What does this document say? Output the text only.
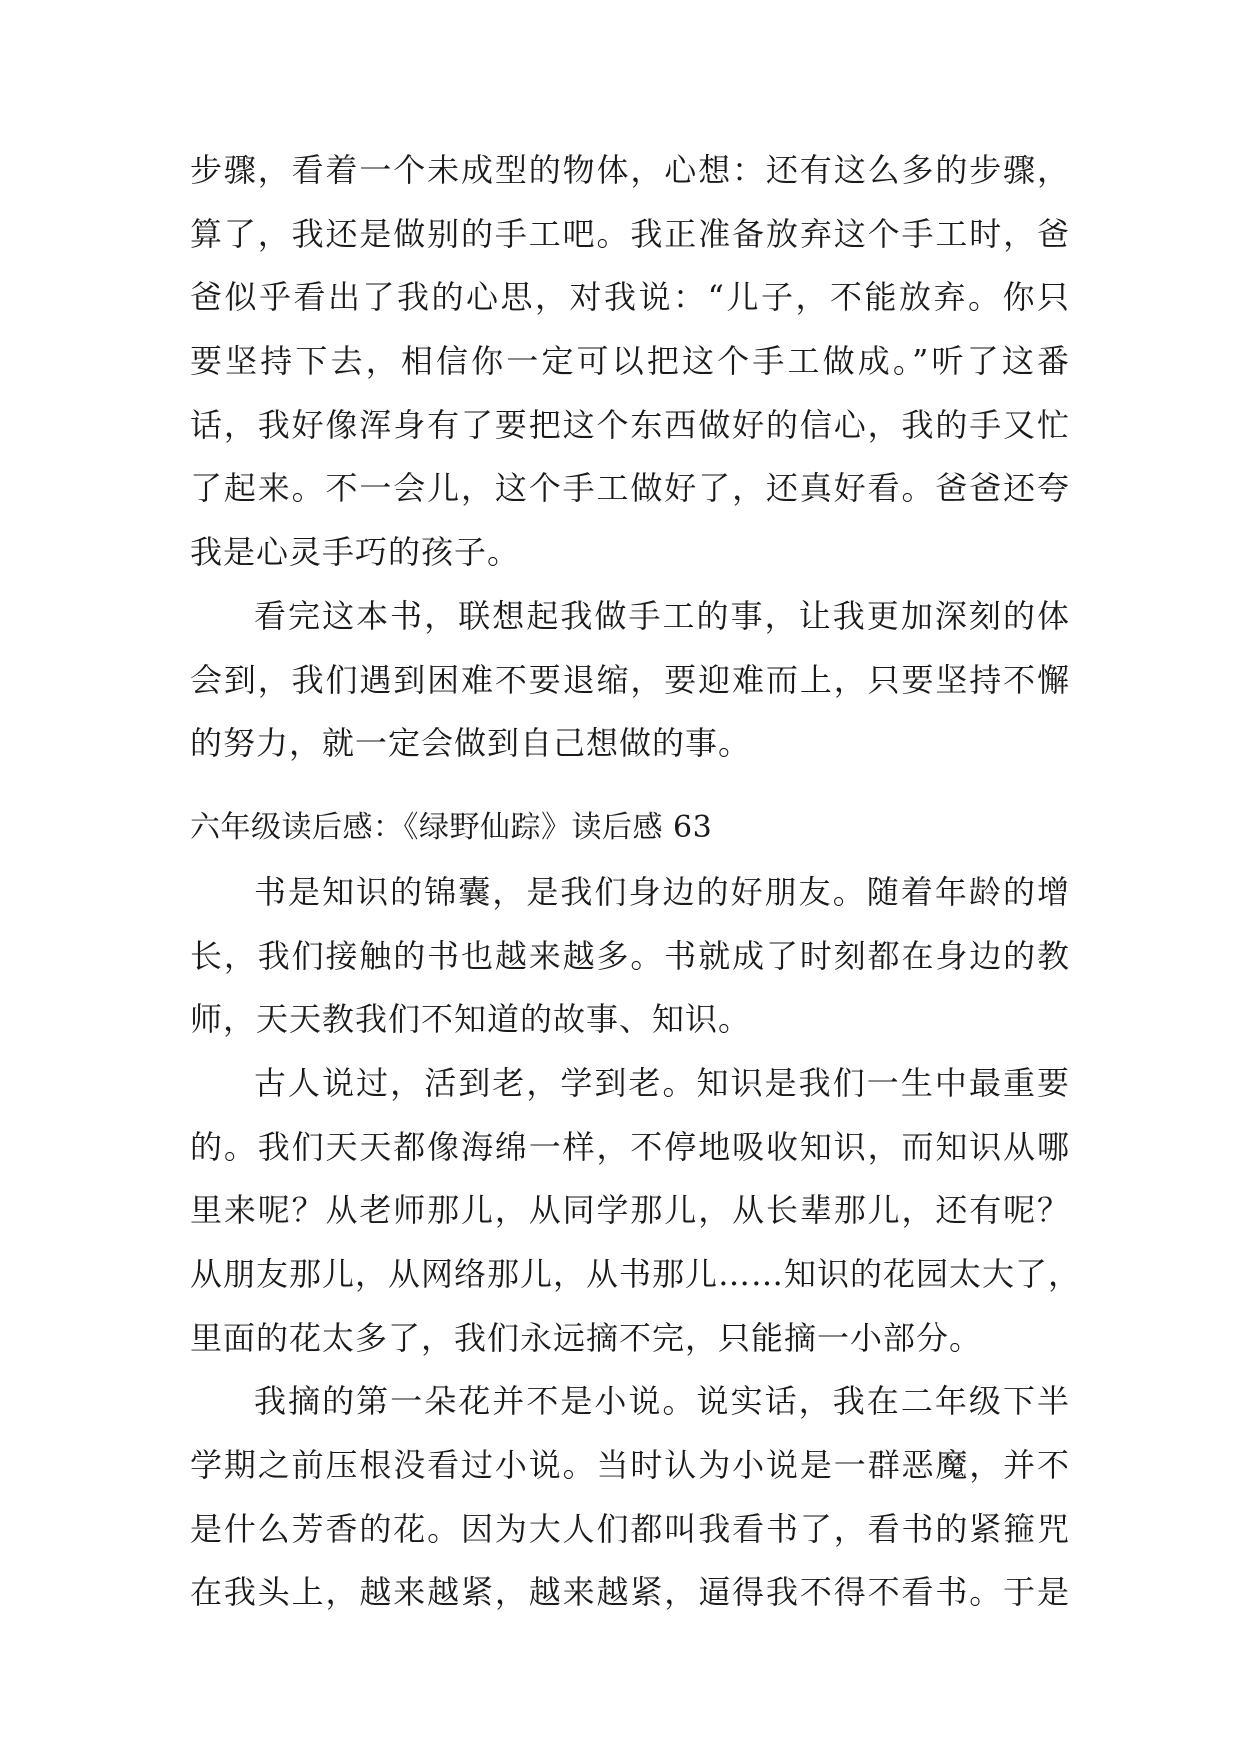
步骤，看着一个未成型的物体，心想：还有这么多的步骤，
算了，我还是做别的手工吧。我正准备放弃这个手工时，爸
爸似乎看出了我的心思，对我说：“儿子，不能放弃。你只
要坚持下去，相信你一定可以把这个手工做成。”听了这番
话，我好像浑身有了要把这个东西做好的信心，我的手又忙
了起来。不一会儿，这个手工做好了，还真好看。爸爸还夸
我是心灵手巧的孩子。
看完这本书，联想起我做手工的事，让我更加深刻的体
会到，我们遇到困难不要退缩，要迎难而上，只要坚持不懈
的努力，就一定会做到自己想做的事。
六年级读后感：《绿野仙踪》读后感 63
书是知识的锦囊，是我们身边的好朋友。随着年龄的增
长，我们接触的书也越来越多。书就成了时刻都在身边的教
师，天天教我们不知道的故事、知识。
古人说过，活到老，学到老。知识是我们一生中最重要
的。我们天天都像海绵一样，不停地吸收知识，而知识从哪
里来呢？从老师那儿，从同学那儿，从长辈那儿，还有呢？
从朋友那儿，从网络那儿，从书那儿……知识的花园太大了，
里面的花太多了，我们永远摘不完，只能摘一小部分。
我摘的第一朵花并不是小说。说实话，我在二年级下半
学期之前压根没看过小说。当时认为小说是一群恶魔，并不
是什么芳香的花。因为大人们都叫我看书了，看书的紧箍咒
在我头上，越来越紧，越来越紧，逼得我不得不看书。于是
